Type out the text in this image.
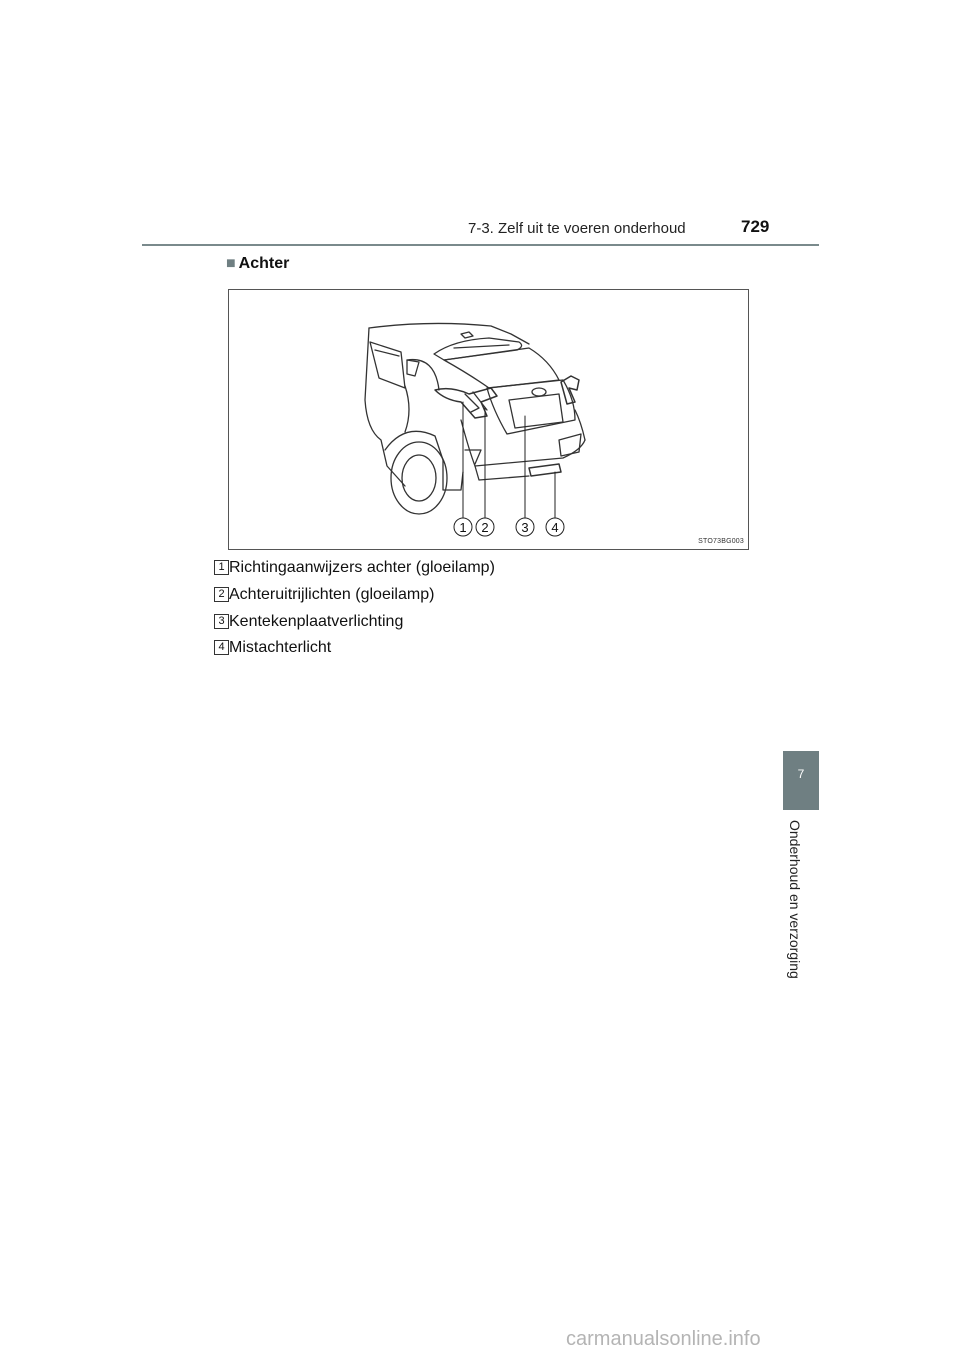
7-3. Zelf uit te voeren onderhoud	729
■ Achter
1 2	3 4
STO73BG003
1 Richtingaanwijzers achter (gloeilamp)
2 Achteruitrijlichten (gloeilamp)
3 Kentekenplaatverlichting
4 Mistachterlicht
7
Onderhoud en verzorging
carmanualsonline.info
